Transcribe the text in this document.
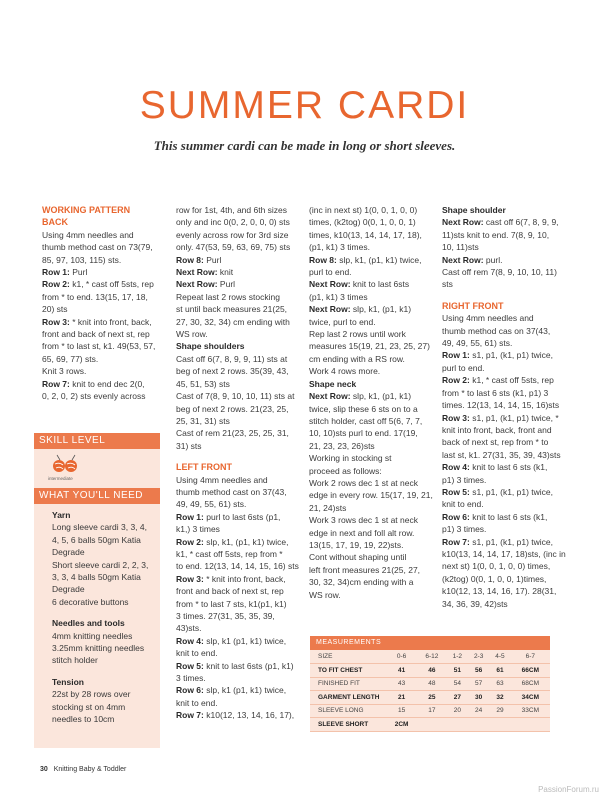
SUMMER CARDI
This summer cardi can be made in long or short sleeves.

WORKING PATTERN

BACK

Using 4mm needles and

thumb method cast on 73(79,

85, 97, 103, 115) sts.

Row 1: Purl

Row 2: k1, * cast off 5sts, rep

from * to end. 13(15, 17, 18,

20) sts

Row 3: * knit into front, back,

front and back of next st, rep

from * to last st, k1. 49(53, 57,

65, 69, 77) sts.

Knit 3 rows.

Row 7: knit to end dec 2(0,

0, 2, 0, 2) sts evenly across

SKILL LEVEL
intermediate
WHAT YOU'LL NEED

Yarn

Long sleeve cardi 3, 3, 4,

4, 5, 6 balls 50gm Katia

Degrade

Short sleeve cardi 2, 2, 3,

3, 3, 4 balls 50gm Katia

Degrade

6 decorative buttons

Needles and tools

4mm knitting needles

3.25mm knitting needles

stitch holder

Tension

22st by 28 rows over

stocking st on 4mm

needles to 10cm

row for 1st, 4th, and 6th sizes

only and inc 0(0, 2, 0, 0, 0) sts

evenly across row for 3rd size

only. 47(53, 59, 63, 69, 75) sts

Row 8: Purl

Next Row: knit

Next Row: Purl

Repeat last 2 rows stocking

st until back measures 21(25,

27, 30, 32, 34) cm ending with

WS row.

Shape shoulders

Cast off 6(7, 8, 9, 9, 11) sts at

beg of next 2 rows. 35(39, 43,

45, 51, 53) sts

Cast of 7(8, 9, 10, 10, 11) sts at

beg of next 2 rows. 21(23, 25,

25, 31, 31) sts

Cast of rem 21(23, 25, 25, 31,

31) sts

LEFT FRONT

Using 4mm needles and

thumb method cast on 37(43,

49, 49, 55, 61) sts.

Row 1: purl to last 6sts (p1,

k1,) 3 times

Row 2: slp, k1, (p1, k1) twice,

k1, * cast off 5sts, rep from *

to end. 12(13, 14, 14, 15, 16) sts

Row 3: * knit into front, back,

front and back of next st, rep

from * to last 7 sts, k1(p1, k1)

3 times. 27(31, 35, 35, 39,

43)sts.

Row 4: slp, k1 (p1, k1) twice,

knit to end.

Row 5: knit to last 6sts (p1, k1)

3 times.

Row 6: slp, k1 (p1, k1) twice,

knit to end.

Row 7: k10(12, 13, 14, 16, 17),

(inc in next st) 1(0, 0, 1, 0, 0)

times, (k2tog) 0(0, 1, 0, 0, 1)

times, k10(13, 14, 14, 17, 18),

(p1, k1) 3 times.

Row 8: slp, k1, (p1, k1) twice,

purl to end.

Next Row: knit to last 6sts

(p1, k1) 3 times

Next Row: slp, k1, (p1, k1)

twice, purl to end.

Rep last 2 rows until work

measures 15(19, 21, 23, 25, 27)

cm ending with a RS row.

Work 4 rows more.

Shape neck

Next Row: slp, k1, (p1, k1)

twice, slip these 6 sts on to a

stitch holder, cast off 5(6, 7, 7,

10, 10)sts purl to end. 17(19,

21, 23, 23, 26)sts

Working in stocking st

proceed as follows:

Work 2 rows dec 1 st at neck

edge in every row. 15(17, 19, 21,

21, 24)sts

Work 3 rows dec 1 st at neck

edge in next and foll alt row.

13(15, 17, 19, 19, 22)sts.

Cont without shaping until

left front measures 21(25, 27,

30, 32, 34)cm ending with a

WS row.

Shape shoulder

Next Row: cast off 6(7, 8, 9, 9,

11)sts knit to end. 7(8, 9, 10,

10, 11)sts

Next Row: purl.

Cast off rem 7(8, 9, 10, 10, 11)

sts

RIGHT FRONT

Using 4mm needles and

thumb method cas on 37(43,

49, 49, 55, 61) sts.

Row 1: s1, p1, (k1, p1) twice,

purl to end.

Row 2: k1, * cast off 5sts, rep

from * to last 6 sts (k1, p1) 3

times. 12(13, 14, 14, 15, 16)sts

Row 3: s1, p1, (k1, p1) twice, *

knit into front, back, front and

back of next st, rep from * to

last st, k1. 27(31, 35, 39, 43)sts

Row 4: knit to last 6 sts (k1,

p1) 3 times.

Row 5: s1, p1, (k1, p1) twice,

knit to end.

Row 6: knit to last 6 sts (k1,

p1) 3 times.

Row 7: s1, p1, (k1, p1) twice,

k10(13, 14, 14, 17, 18)sts, (inc in

next st) 1(0, 0, 1, 0, 0) times,

(k2tog) 0(0, 1, 0, 0, 1)times,

k10(12, 13, 14, 16, 17). 28(31,

34, 36, 39, 42)sts

MEASUREMENTS
SIZE	0-6	6-12	1-2	2-3	4-5	6-7
TO FIT CHEST	41	46	51	56	61	66CM
FINISHED FIT	43	48	54	57	63	68CM
GARMENT LENGTH	21	25	27	30	32	34CM
SLEEVE LONG	15	17	20	24	29	33CM
SLEEVE SHORT	2CM					
30 Knitting Baby & Toddler
PassionForum.ru
